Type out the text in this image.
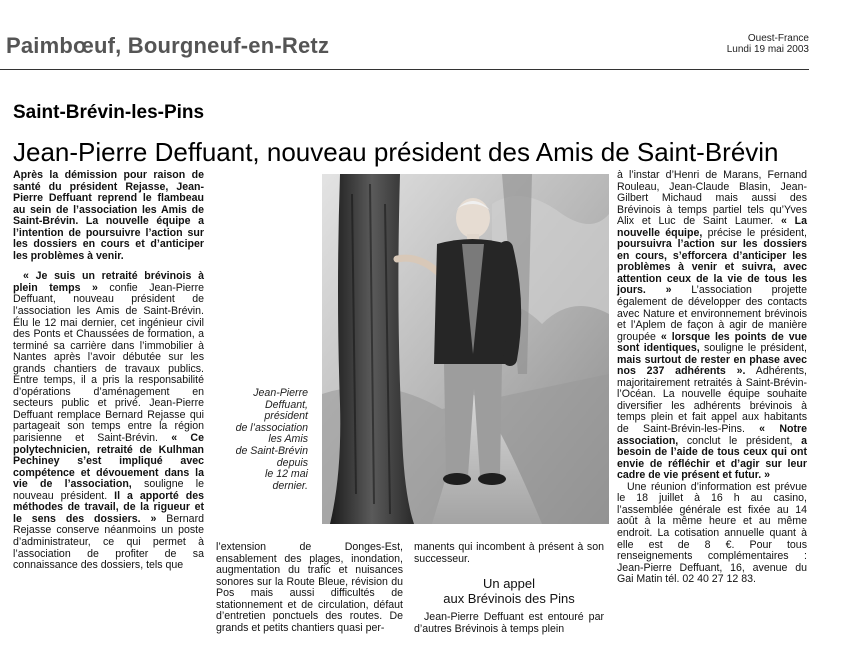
Paimbœuf, Bourgneuf-en-Retz	Ouest-France
Lundi 19 mai 2003
Saint-Brévin-les-Pins
Jean-Pierre Deffuant, nouveau président des Amis de Saint-Brévin

Après la démission pour raison de santé du président Rejasse, Jean-Pierre Deffuant reprend le flambeau au sein de l’association les Amis de Saint-Brévin. La nouvelle équipe a l’intention de poursuivre l’action sur les dossiers en cours et d’anticiper les problèmes à venir.

« Je suis un retraité brévinois à plein temps » confie Jean-Pierre Deffuant, nouveau président de l’association les Amis de Saint-Brévin. Élu le 12 mai dernier, cet ingénieur civil des Ponts et Chaussées de formation, a terminé sa carrière dans l’immobilier à Nantes après l’avoir débutée sur les grands chantiers de travaux publics. Entre temps, il a pris la responsabilité d’opérations d’aménagement en secteurs public et privé. Jean-Pierre Deffuant remplace Bernard Rejasse qui partageait son temps entre la région parisienne et Saint-Brévin. « Ce polytechnicien, retraité de Kulhman Pechiney s’est impliqué avec compétence et dévouement dans la vie de l’association, souligne le nouveau président. Il a apporté des méthodes de travail, de la rigueur et le sens des dossiers. » Bernard Rejasse conserve néanmoins un poste d’administrateur, ce qui permet à l’association de profiter de sa connaissance des dossiers, tels que

Jean-Pierre
Deffuant,
président
de l’association
les Amis
de Saint-Brévin
depuis
le 12 mai
dernier.

l’extension de Donges-Est, ensablement des plages, inondation, augmentation du trafic et nuisances sonores sur la Route Bleue, révision du Pos mais aussi difficultés de stationnement et de circulation, défaut d’entretien ponctuels des routes. De grands et petits chantiers quasi per-

manents qui incombent à présent à son successeur.

Un appel
aux Brévinois des Pins

Jean-Pierre Deffuant est entouré par d’autres Brévinois à temps plein

à l’instar d’Henri de Marans, Fernand Rouleau, Jean-Claude Blasin, Jean-Gilbert Michaud mais aussi des Brévinois à temps partiel tels qu’Yves Alix et Luc de Saint Laumer. « La nouvelle équipe, précise le président, poursuivra l’action sur les dossiers en cours, s’efforcera d’anticiper les problèmes à venir et suivra, avec attention ceux de la vie de tous les jours. » L’association projette également de développer des contacts avec Nature et environnement brévinois et l’Aplem de façon à agir de manière groupée « lorsque les points de vue sont identiques, souligne le président, mais surtout de rester en phase avec nos 237 adhérents ». Adhérents, majoritairement retraités à Saint-Brévin-l’Océan. La nouvelle équipe souhaite diversifier les adhérents brévinois à temps plein et fait appel aux habitants de Saint-Brévin-les-Pins. « Notre association, conclut le président, a besoin de l’aide de tous ceux qui ont envie de réfléchir et d’agir sur leur cadre de vie présent et futur. »

Une réunion d’information est prévue le 18 juillet à 16 h au casino, l’assemblée générale est fixée au 14 août à la même heure et au même endroit. La cotisation annuelle quant à elle est de 8 €. Pour tous renseignements complémentaires : Jean-Pierre Deffuant, 16, avenue du Gai Matin tél. 02 40 27 12 83.
